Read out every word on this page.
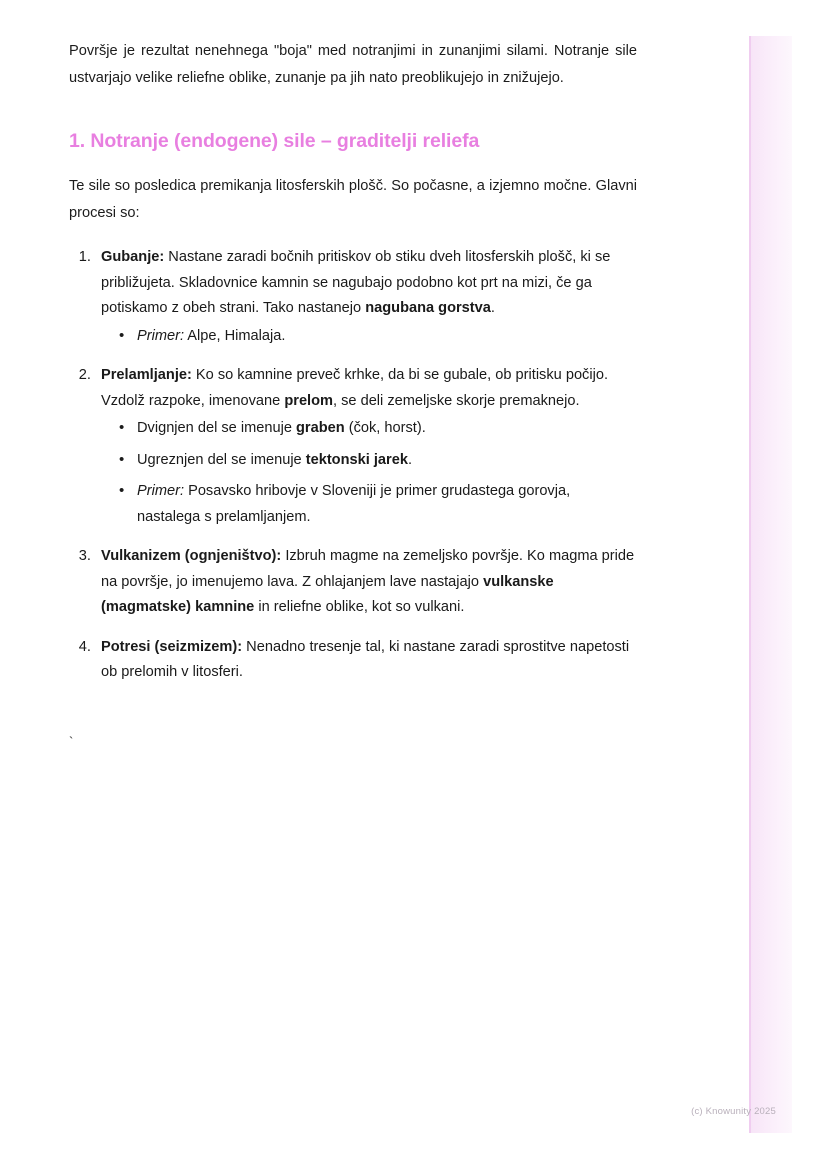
Površje je rezultat nenehnega "boja" med notranjimi in zunanjimi silami. Notranje sile ustvarjajo velike reliefne oblike, zunanje pa jih nato preoblikujejo in znižujejo.

1. Notranje (endogene) sile – graditelji reliefa

Te sile so posledica premikanja litosferskih plošč. So počasne, a izjemno močne. Glavni procesi so:

1. Gubanje: Nastane zaradi bočnih pritiskov ob stiku dveh litosferskih plošč, ki se približujeta. Skladovnice kamnin se nagubajo podobno kot prt na mizi, če ga potiskamo z obeh strani. Tako nastanejo nagubana gorstva.
• Primer: Alpe, Himalaja.
2. Prelamljanje: Ko so kamnine preveč krhke, da bi se gubale, ob pritisku počijo. Vzdolž razpoke, imenovane prelom, se deli zemeljske skorje premaknejo.
• Dvignjen del se imenuje graben (čok, horst).
• Ugreznjen del se imenuje tektonski jarek.
• Primer: Posavsko hribovje v Sloveniji je primer grudastega gorovja, nastalega s prelamljanjem.
3. Vulkanizem (ognjeništvo): Izbruh magme na zemeljsko površje. Ko magma pride na površje, jo imenujemo lava. Z ohlajanjem lave nastajajo vulkanske (magmatske) kamnine in reliefne oblike, kot so vulkani.
4. Potresi (seizmizem): Nenadno tresenje tal, ki nastane zaradi sprostitve napetosti ob prelomih v litosferi.
`
(c) Knowunity 2025
